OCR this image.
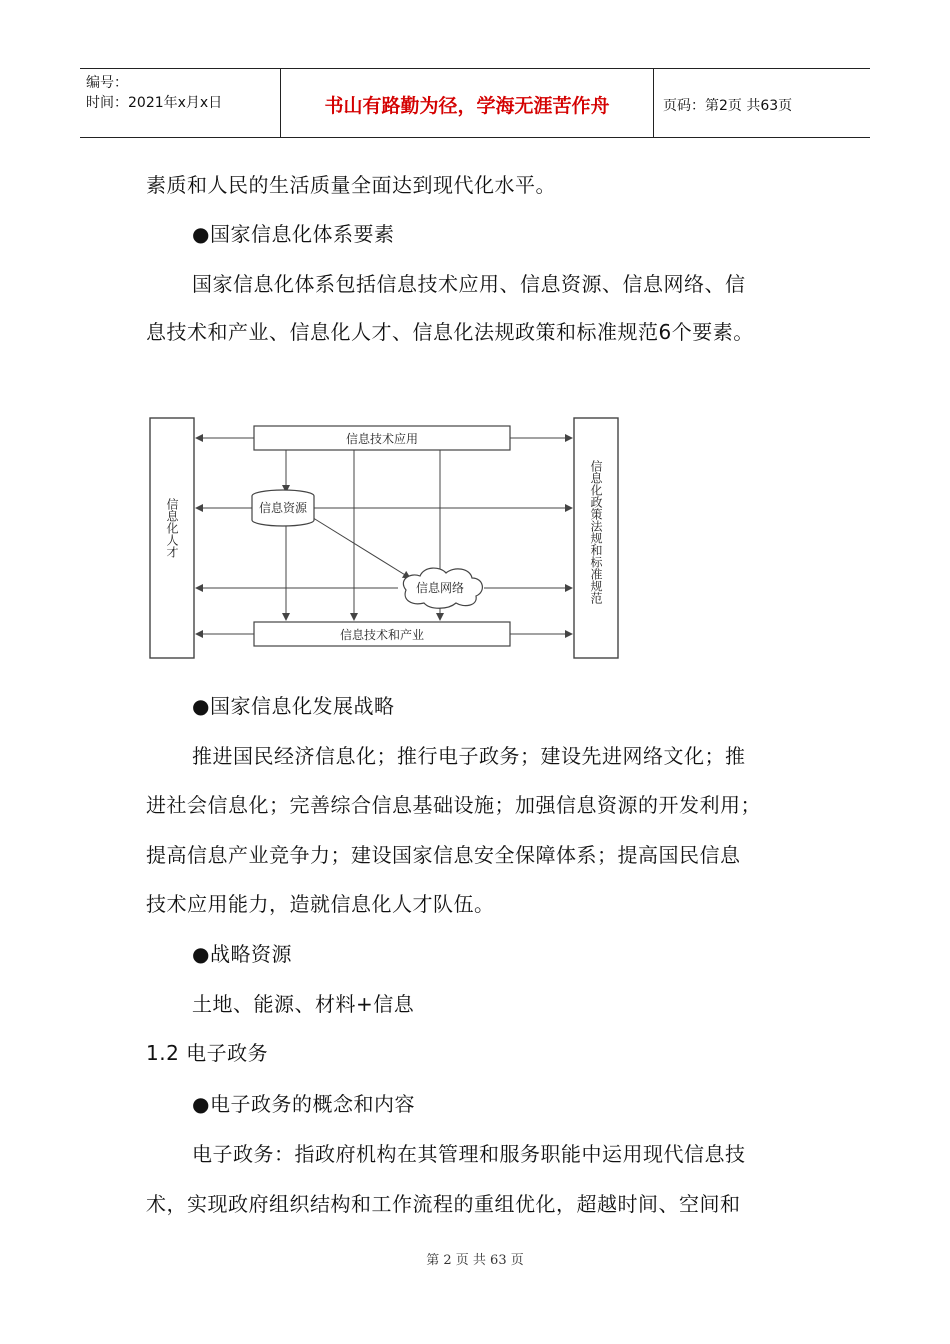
编号：
时间：2021年x月x日	书山有路勤为径，学海无涯苦作舟	页码：第2页 共63页
素质和人民的生活质量全面达到现代化水平。
●国家信息化体系要素
国家信息化体系包括信息技术应用、信息资源、信息网络、信
息技术和产业、信息化人才、信息化法规政策和标准规范6个要素。
信息技术应用
信息技术和产业
信息资源
信息网络
信息化人才	信息化政策法规和标准规范
●国家信息化发展战略
推进国民经济信息化；推行电子政务；建设先进网络文化；推
进社会信息化；完善综合信息基础设施；加强信息资源的开发利用；
提高信息产业竞争力；建设国家信息安全保障体系；提高国民信息
技术应用能力，造就信息化人才队伍。
●战略资源
土地、能源、材料+信息
1.2 电子政务
●电子政务的概念和内容
电子政务：指政府机构在其管理和服务职能中运用现代信息技
术，实现政府组织结构和工作流程的重组优化，超越时间、空间和
第 2 页 共 63 页
